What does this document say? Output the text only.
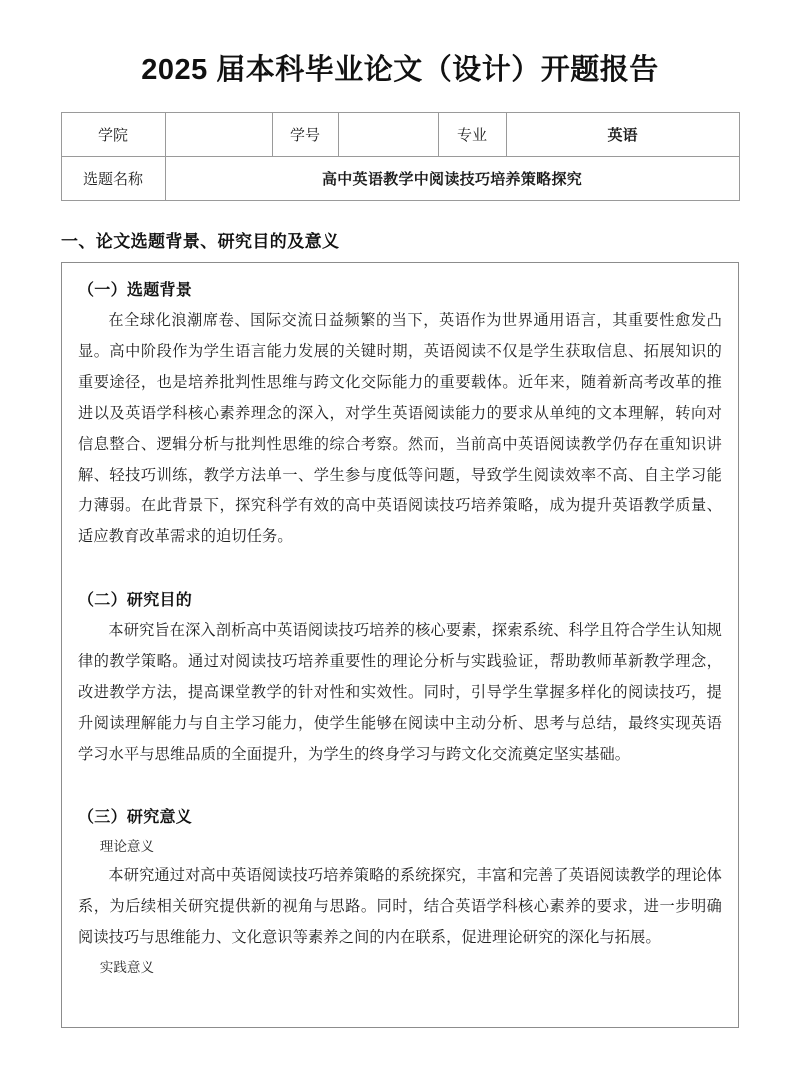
2025 届本科毕业论文（设计）开题报告
学院		学号		专业	英语
选题名称	高中英语教学中阅读技巧培养策略探究				
一、论文选题背景、研究目的及意义
（一）选题背景

在全球化浪潮席卷、国际交流日益频繁的当下，英语作为世界通用语言，其重要性愈发凸显。高中阶段作为学生语言能力发展的关键时期，英语阅读不仅是学生获取信息、拓展知识的重要途径，也是培养批判性思维与跨文化交际能力的重要载体。近年来，随着新高考改革的推进以及英语学科核心素养理念的深入，对学生英语阅读能力的要求从单纯的文本理解，转向对信息整合、逻辑分析与批判性思维的综合考察。然而，当前高中英语阅读教学仍存在重知识讲解、轻技巧训练，教学方法单一、学生参与度低等问题，导致学生阅读效率不高、自主学习能力薄弱。在此背景下，探究科学有效的高中英语阅读技巧培养策略，成为提升英语教学质量、适应教育改革需求的迫切任务。

（二）研究目的

本研究旨在深入剖析高中英语阅读技巧培养的核心要素，探索系统、科学且符合学生认知规律的教学策略。通过对阅读技巧培养重要性的理论分析与实践验证，帮助教师革新教学理念，改进教学方法，提高课堂教学的针对性和实效性。同时，引导学生掌握多样化的阅读技巧，提升阅读理解能力与自主学习能力，使学生能够在阅读中主动分析、思考与总结，最终实现英语学习水平与思维品质的全面提升，为学生的终身学习与跨文化交流奠定坚实基础。

（三）研究意义

理论意义

本研究通过对高中英语阅读技巧培养策略的系统探究，丰富和完善了英语阅读教学的理论体系，为后续相关研究提供新的视角与思路。同时，结合英语学科核心素养的要求，进一步明确阅读技巧与思维能力、文化意识等素养之间的内在联系，促进理论研究的深化与拓展。

实践意义
